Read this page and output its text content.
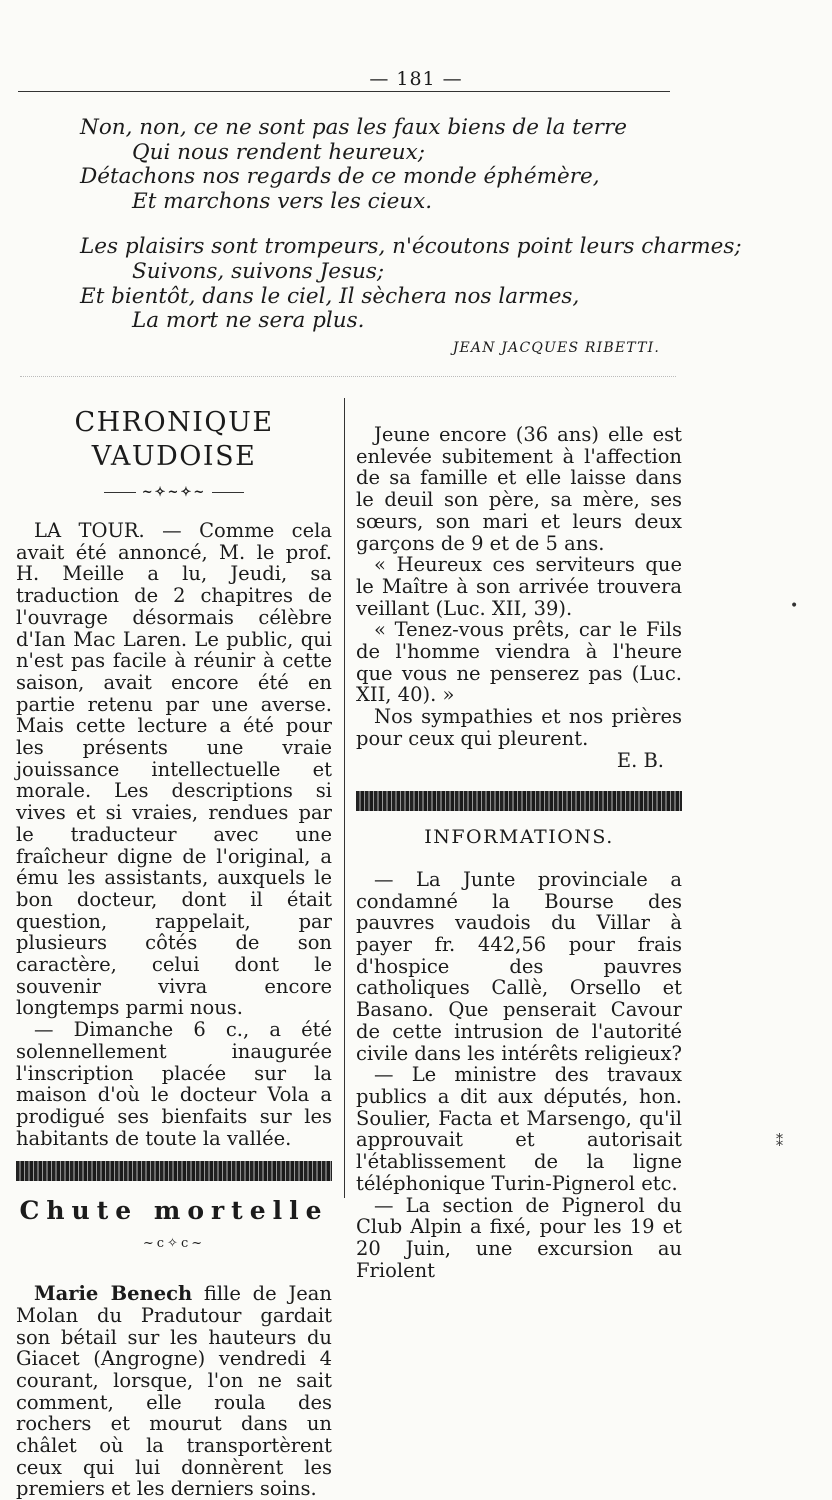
— 181 —
Non, non, ce ne sont pas les faux biens de la terre
Qui nous rendent heureux;
Détachons nos regards de ce monde éphémère,
Et marchons vers les cieux.
Les plaisirs sont trompeurs, n'écoutons point leurs charmes;
Suivons, suivons Jesus;
Et bientôt, dans le ciel, Il sèchera nos larmes,
La mort ne sera plus.
JEAN JACQUES RIBETTI.
CHRONIQUE VAUDOISE
~✧~✧~

LA TOUR. — Comme cela avait été annoncé, M. le prof. H. Meille a lu, Jeudi, sa traduction de 2 chapitres de l'ouvrage désormais célèbre d'Ian Mac Laren. Le public, qui n'est pas facile à réunir à cette saison, avait encore été en partie retenu par une averse. Mais cette lecture a été pour les présents une vraie jouissance intellectuelle et morale. Les descriptions si vives et si vraies, rendues par le traducteur avec une fraîcheur digne de l'original, a ému les assistants, auxquels le bon docteur, dont il était question, rappelait, par plusieurs côtés de son caractère, celui dont le souvenir vivra encore longtemps parmi nous.

— Dimanche 6 c., a été solennellement inaugurée l'inscription placée sur la maison d'où le docteur Vola a prodigué ses bienfaits sur les habitants de toute la vallée.

Chute mortelle
~c✧c~

Marie Benech fille de Jean Molan du Pradutour gardait son bétail sur les hauteurs du Giacet (Angrogne) vendredi 4 courant, lorsque, l'on ne sait comment, elle roula des rochers et mourut dans un châlet où la transportèrent ceux qui lui donnèrent les premiers et les derniers soins.

Jeune encore (36 ans) elle est enlevée subitement à l'affection de sa famille et elle laisse dans le deuil son père, sa mère, ses sœurs, son mari et leurs deux garçons de 9 et de 5 ans.

« Heureux ces serviteurs que le Maître à son arrivée trouvera veillant (Luc. XII, 39).

« Tenez-vous prêts, car le Fils de l'homme viendra à l'heure que vous ne penserez pas (Luc. XII, 40). »

Nos sympathies et nos prières pour ceux qui pleurent.

E. B.
INFORMATIONS.

— La Junte provinciale a condamné la Bourse des pauvres vaudois du Villar à payer fr. 442,56 pour frais d'hospice des pauvres catholiques Callè, Orsello et Basano. Que penserait Cavour de cette intrusion de l'autorité civile dans les intérêts religieux?

— Le ministre des travaux publics a dit aux députés, hon. Soulier, Facta et Marsengo, qu'il approuvait et autorisait l'établissement de la ligne téléphonique Turin-Pignerol etc.

— La section de Pignerol du Club Alpin a fixé, pour les 19 et 20 Juin, une excursion au Friolent

•
⁑
